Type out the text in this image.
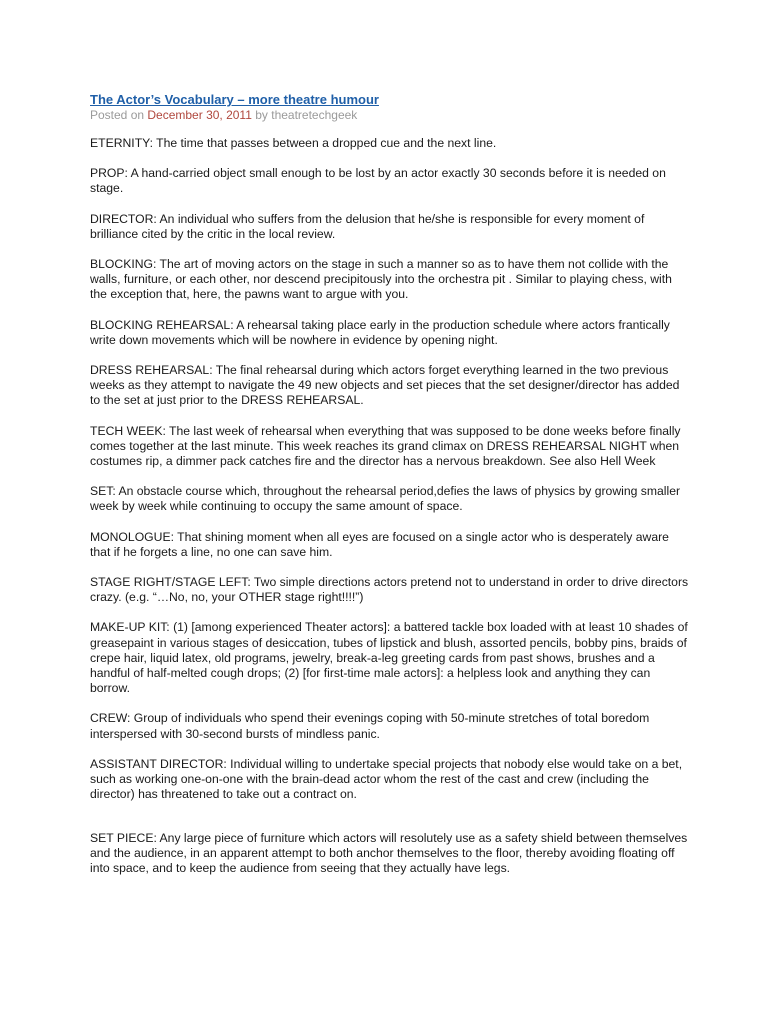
The Actor’s Vocabulary – more theatre humour
Posted on December 30, 2011 by theatretechgeek

ETERNITY: The time that passes between a dropped cue and the next line.

PROP: A hand-carried object small enough to be lost by an actor exactly 30 seconds before it is needed on stage.

DIRECTOR: An individual who suffers from the delusion that he/she is responsible for every moment of brilliance cited by the critic in the local review.

BLOCKING: The art of moving actors on the stage in such a manner so as to have them not collide with the walls, furniture, or each other, nor descend precipitously into the orchestra pit . Similar to playing chess, with the exception that, here, the pawns want to argue with you.

BLOCKING REHEARSAL: A rehearsal taking place early in the production schedule where actors frantically write down movements which will be nowhere in evidence by opening night.

DRESS REHEARSAL: The final rehearsal during which actors forget everything learned in the two previous weeks as they attempt to navigate the 49 new objects and set pieces that the set designer/director has added to the set at just prior to the DRESS REHEARSAL.

TECH WEEK: The last week of rehearsal when everything that was supposed to be done weeks before finally comes together at the last minute. This week reaches its grand climax on DRESS REHEARSAL NIGHT when costumes rip, a dimmer pack catches fire and the director has a nervous breakdown. See also Hell Week

SET: An obstacle course which, throughout the rehearsal period,defies the laws of physics by growing smaller week by week while continuing to occupy the same amount of space.

MONOLOGUE: That shining moment when all eyes are focused on a single actor who is desperately aware that if he forgets a line, no one can save him.

STAGE RIGHT/STAGE LEFT: Two simple directions actors pretend not to understand in order to drive directors crazy. (e.g. “…No, no, your OTHER stage right!!!!”)

MAKE-UP KIT: (1) [among experienced Theater actors]: a battered tackle box loaded with at least 10 shades of greasepaint in various stages of desiccation, tubes of lipstick and blush, assorted pencils, bobby pins, braids of crepe hair, liquid latex, old programs, jewelry, break-a-leg greeting cards from past shows, brushes and a handful of half-melted cough drops; (2) [for first-time male actors]: a helpless look and anything they can borrow.

CREW: Group of individuals who spend their evenings coping with 50-minute stretches of total boredom interspersed with 30-second bursts of mindless panic.

ASSISTANT DIRECTOR: Individual willing to undertake special projects that nobody else would take on a bet, such as working one-on-one with the brain-dead actor whom the rest of the cast and crew (including the director) has threatened to take out a contract on.

SET PIECE: Any large piece of furniture which actors will resolutely use as a safety shield between themselves and the audience, in an apparent attempt to both anchor themselves to the floor, thereby avoiding floating off into space, and to keep the audience from seeing that they actually have legs.
